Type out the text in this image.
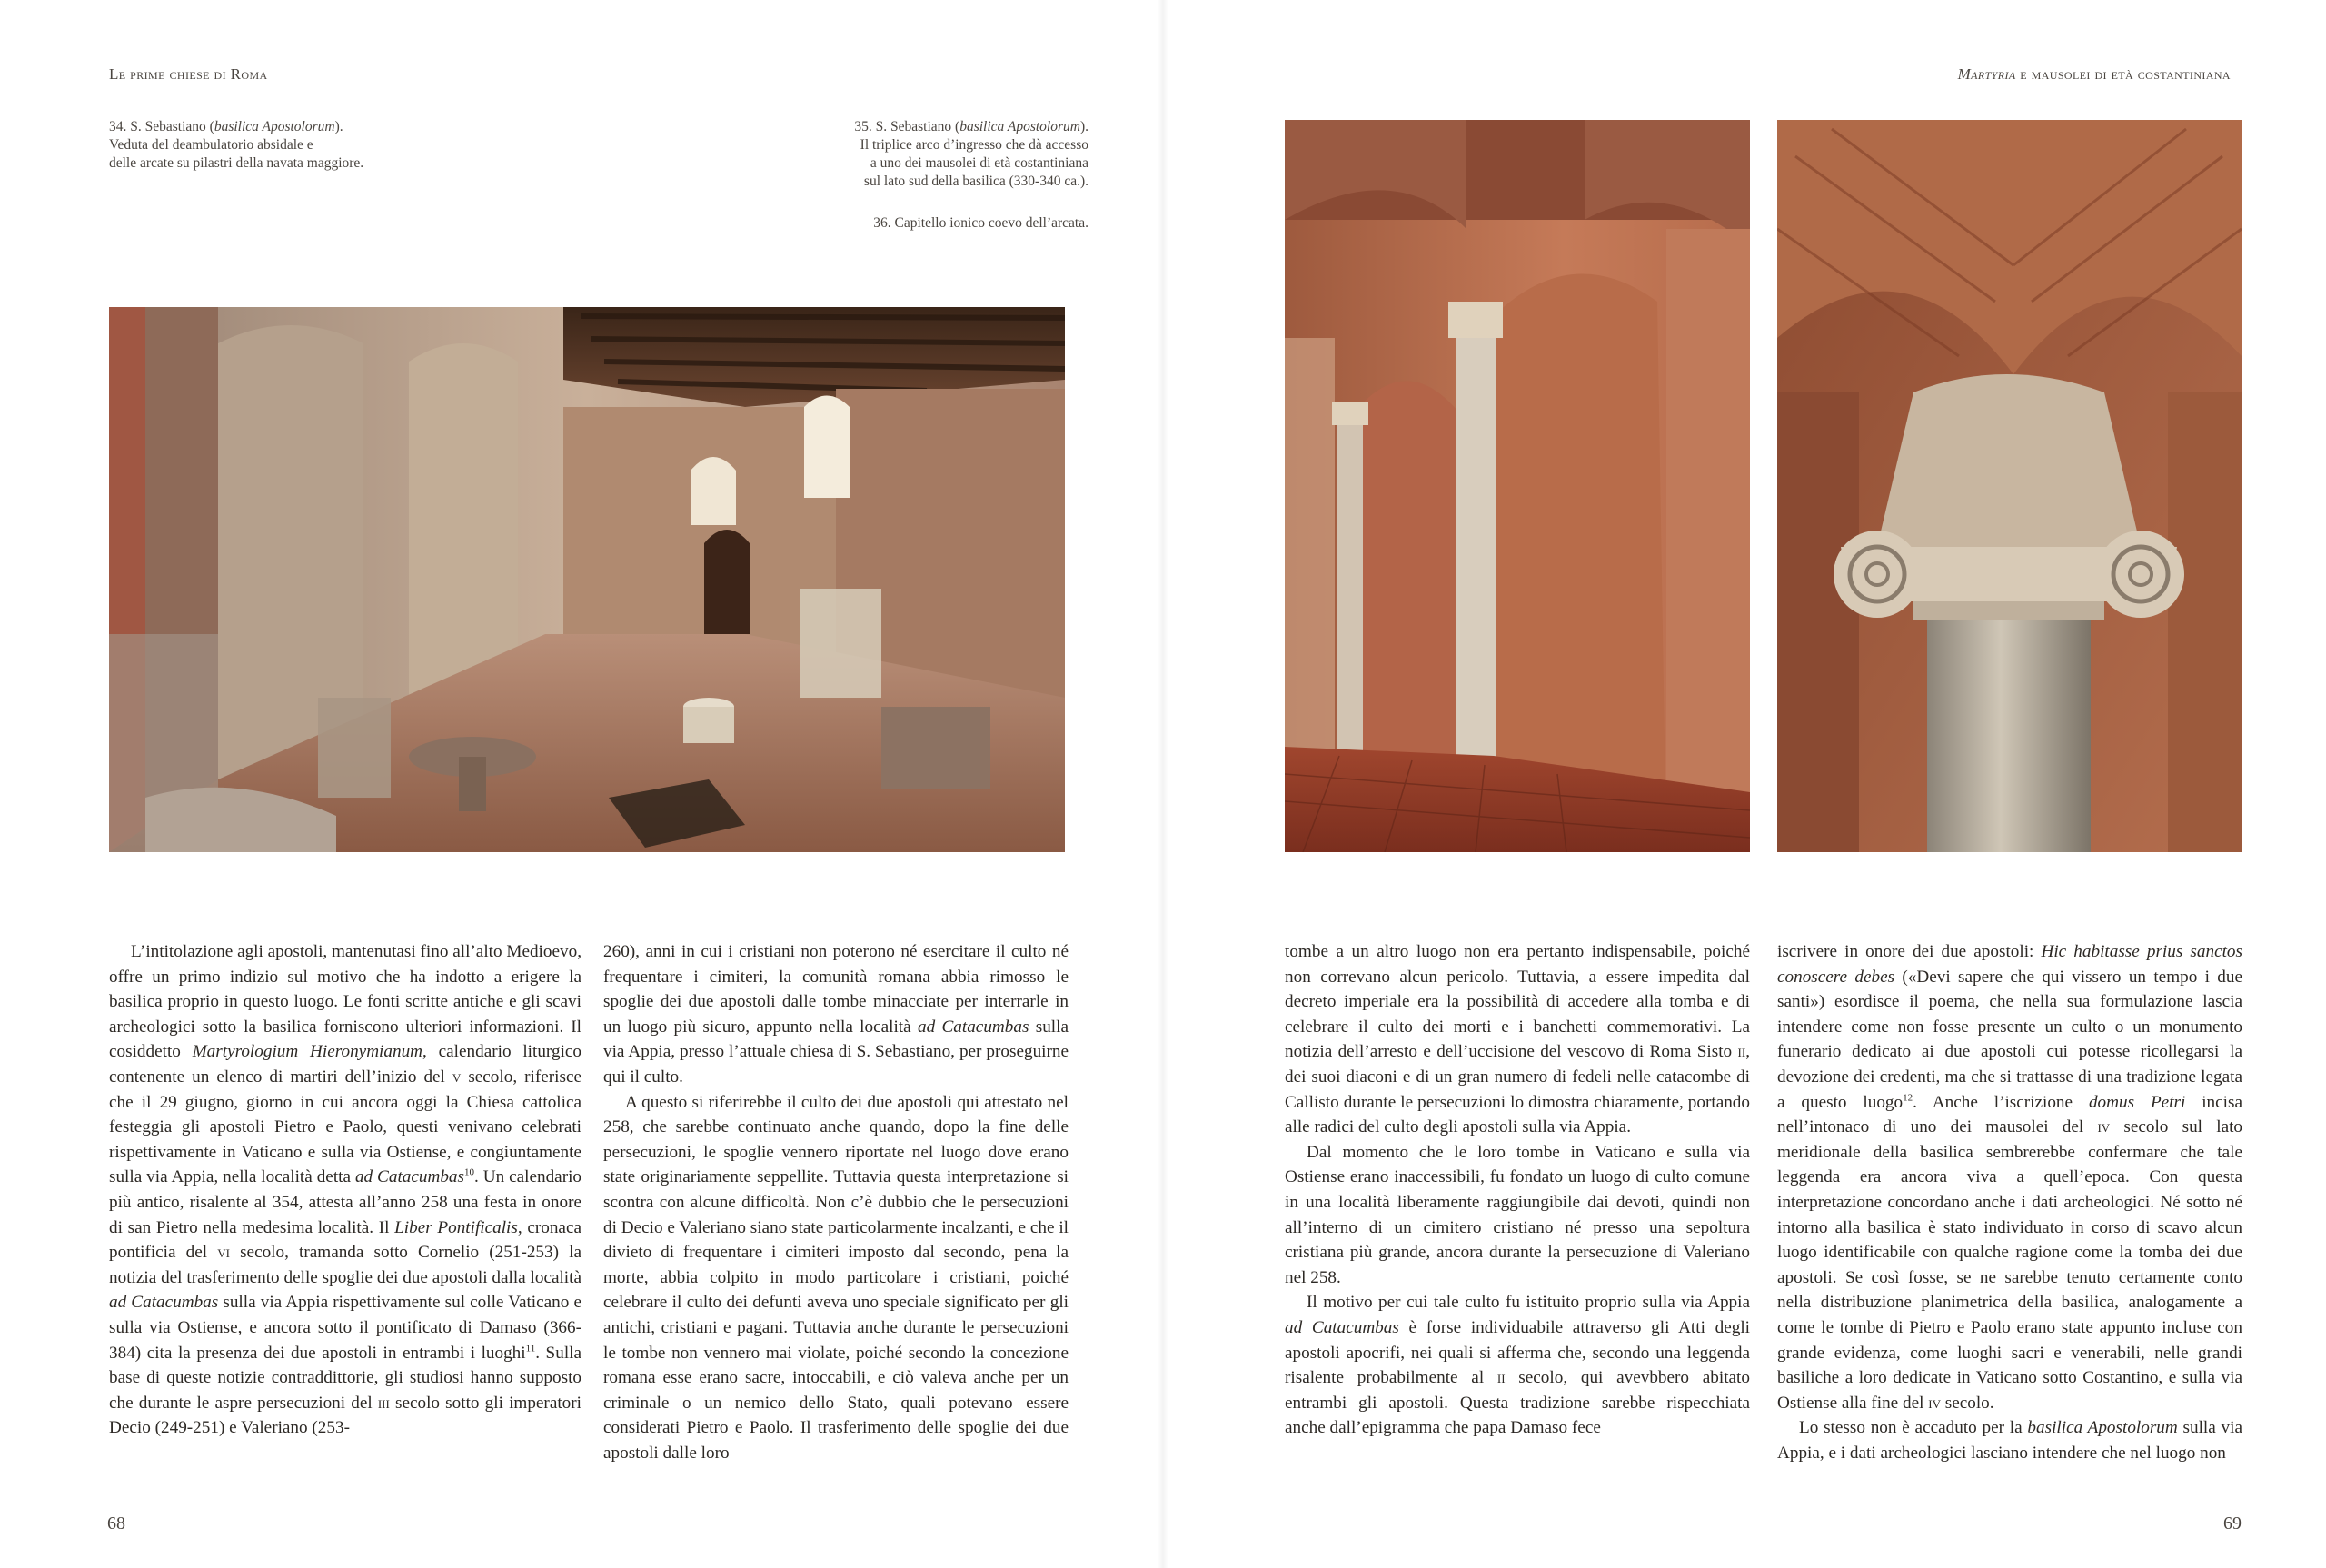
Le prime chiese di Roma	Martyria e mausolei di età costantiniana

34. S. Sebastiano (basilica Apostolorum).

Veduta del deambulatorio absidale e

delle arcate su pilastri della navata maggiore.

35. S. Sebastiano (basilica Apostolorum).

Il triplice arco d’ingresso che dà accesso

a uno dei mausolei di età costantiniana

sul lato sud della basilica (330-340 ca.).

36. Capitello ionico coevo dell’arcata.

L’intitolazione agli apostoli, mantenutasi fino all’alto Medioevo, offre un primo indizio sul motivo che ha indotto a erigere la basilica proprio in questo luogo. Le fonti scritte antiche e gli scavi archeologici sotto la basilica forniscono ulteriori informazioni. Il cosiddetto Martyrologium Hieronymianum, calendario liturgico contenente un elenco di martiri dell’inizio del v secolo, riferisce che il 29 giugno, giorno in cui ancora oggi la Chiesa cattolica festeggia gli apostoli Pietro e Paolo, questi venivano celebrati rispettivamente in Vaticano e sulla via Ostiense, e congiuntamente sulla via Appia, nella località detta ad Catacumbas$^{10}$. Un calendario più antico, risalente al 354, attesta all’anno 258 una festa in onore di san Pietro nella medesima località. Il Liber Pontificalis, cronaca pontificia del vi secolo, tramanda sotto Cornelio (251-253) la notizia del trasferimento delle spoglie dei due apostoli dalla località ad Catacumbas sulla via Appia rispettivamente sul colle Vaticano e sulla via Ostiense, e ancora sotto il pontificato di Damaso (366-384) cita la presenza dei due apostoli in entrambi i luoghi$^{11}$. Sulla base di queste notizie contraddittorie, gli studiosi hanno supposto che durante le aspre persecuzioni del iii secolo sotto gli imperatori Decio (249-251) e Valeriano (253-

260), anni in cui i cristiani non poterono né esercitare il culto né frequentare i cimiteri, la comunità romana abbia rimosso le spoglie dei due apostoli dalle tombe minacciate per interrarle in un luogo più sicuro, appunto nella località ad Catacumbas sulla via Appia, presso l’attuale chiesa di S. Sebastiano, per proseguirne qui il culto.

A questo si riferirebbe il culto dei due apostoli qui attestato nel 258, che sarebbe continuato anche quando, dopo la fine delle persecuzioni, le spoglie vennero riportate nel luogo dove erano state originariamente seppellite. Tuttavia questa interpretazione si scontra con alcune difficoltà. Non c’è dubbio che le persecuzioni di Decio e Valeriano siano state particolarmente incalzanti, e che il divieto di frequentare i cimiteri imposto dal secondo, pena la morte, abbia colpito in modo particolare i cristiani, poiché celebrare il culto dei defunti aveva uno speciale significato per gli antichi, cristiani e pagani. Tuttavia anche durante le persecuzioni le tombe non vennero mai violate, poiché secondo la concezione romana esse erano sacre, intoccabili, e ciò valeva anche per un criminale o un nemico dello Stato, quali potevano essere considerati Pietro e Paolo. Il trasferimento delle spoglie dei due apostoli dalle loro

tombe a un altro luogo non era pertanto indispensabile, poiché non correvano alcun pericolo. Tuttavia, a essere impedita dal decreto imperiale era la possibilità di accedere alla tomba e di celebrare il culto dei morti e i banchetti commemorativi. La notizia dell’arresto e dell’uccisione del vescovo di Roma Sisto ii, dei suoi diaconi e di un gran numero di fedeli nelle catacombe di Callisto durante le persecuzioni lo dimostra chiaramente, portando alle radici del culto degli apostoli sulla via Appia.

Dal momento che le loro tombe in Vaticano e sulla via Ostiense erano inaccessibili, fu fondato un luogo di culto comune in una località liberamente raggiungibile dai devoti, quindi non all’interno di un cimitero cristiano né presso una sepoltura cristiana più grande, ancora durante la persecuzione di Valeriano nel 258.

Il motivo per cui tale culto fu istituito proprio sulla via Appia ad Catacumbas è forse individuabile attraverso gli Atti degli apostoli apocrifi, nei quali si afferma che, secondo una leggenda risalente probabilmente al ii secolo, qui avevbbero abitato entrambi gli apostoli. Questa tradizione sarebbe rispecchiata anche dall’epigramma che papa Damaso fece

iscrivere in onore dei due apostoli: Hic habitasse prius sanctos conoscere debes («Devi sapere che qui vissero un tempo i due santi») esordisce il poema, che nella sua formulazione lascia intendere come non fosse presente un culto o un monumento funerario dedicato ai due apostoli cui potesse ricollegarsi la devozione dei credenti, ma che si trattasse di una tradizione legata a questo luogo$^{12}$. Anche l’iscrizione domus Petri incisa nell’intonaco di uno dei mausolei del iv secolo sul lato meridionale della basilica sembrerebbe confermare che tale leggenda era ancora viva a quell’epoca. Con questa interpretazione concordano anche i dati archeologici. Né sotto né intorno alla basilica è stato individuato in corso di scavo alcun luogo identificabile con qualche ragione come la tomba dei due apostoli. Se così fosse, se ne sarebbe tenuto certamente conto nella distribuzione planimetrica della basilica, analogamente a come le tombe di Pietro e Paolo erano state appunto incluse con grande evidenza, come luoghi sacri e venerabili, nelle grandi basiliche a loro dedicate in Vaticano sotto Costantino, e sulla via Ostiense alla fine del iv secolo.

Lo stesso non è accaduto per la basilica Apostolorum sulla via Appia, e i dati archeologici lasciano intendere che nel luogo non

68	69
